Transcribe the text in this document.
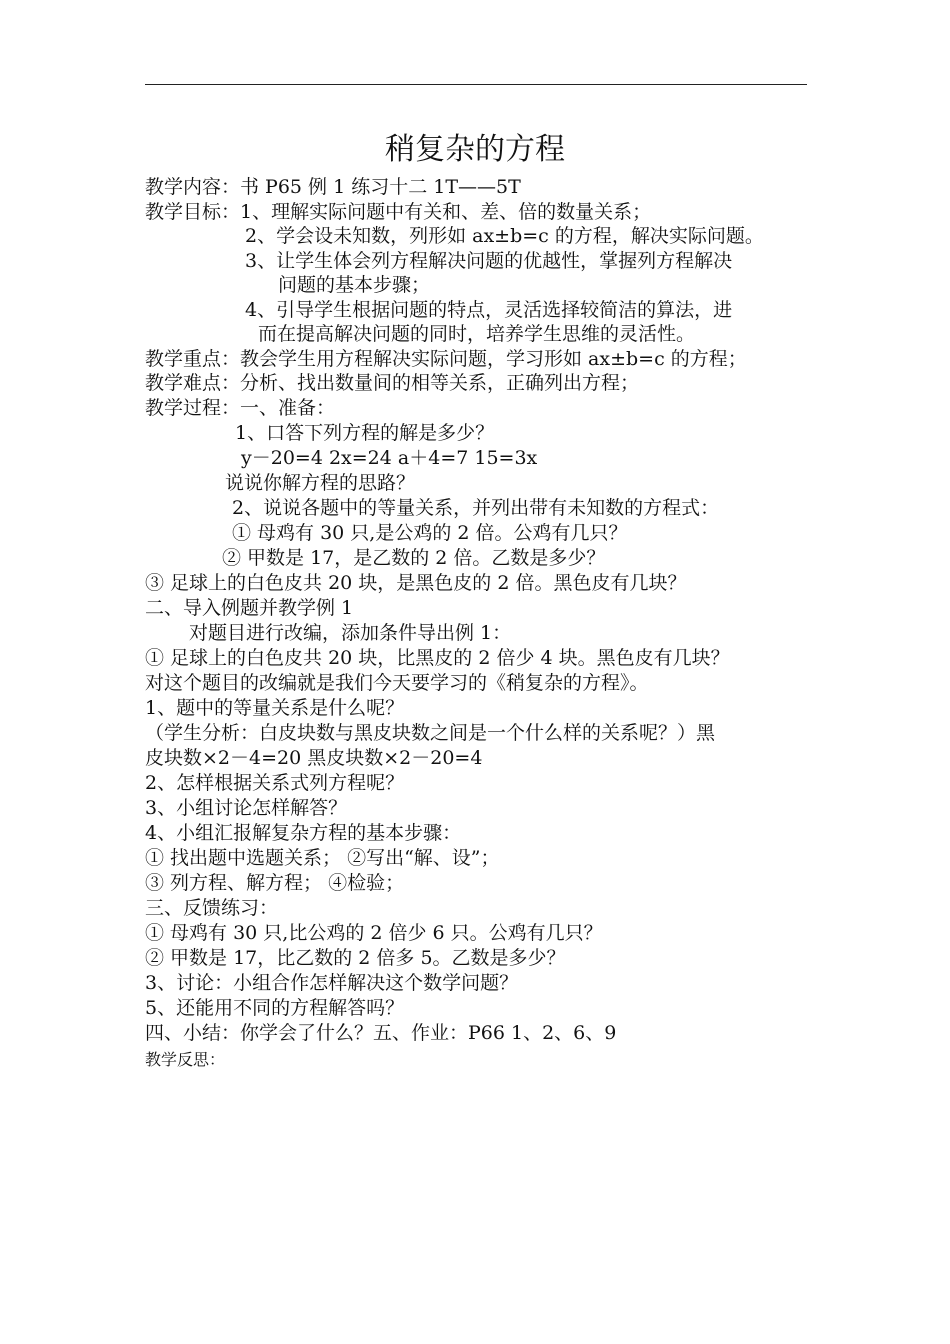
稍复杂的方程
教学内容：书 P65 例 1 练习十二 1T——5T
教学目标：1、理解实际问题中有关和、差、倍的数量关系；
2、学会设未知数，列形如 ax±b=c 的方程，解决实际问题。
3、让学生体会列方程解决问题的优越性，掌握列方程解决
问题的基本步骤；
4、引导学生根据问题的特点，灵活选择较简洁的算法，进
而在提高解决问题的同时，培养学生思维的灵活性。
教学重点：教会学生用方程解决实际问题，学习形如 ax±b=c 的方程；
教学难点：分析、找出数量间的相等关系，正确列出方程；
教学过程：一、准备：
1、口答下列方程的解是多少？
y－20=4 2x=24 a＋4=7 15=3x
说说你解方程的思路？
2、说说各题中的等量关系，并列出带有未知数的方程式：
① 母鸡有 30 只,是公鸡的 2 倍。公鸡有几只？
② 甲数是 17，是乙数的 2 倍。乙数是多少？
③ 足球上的白色皮共 20 块，是黑色皮的 2 倍。黑色皮有几块？
二、导入例题并教学例 1
对题目进行改编，添加条件导出例 1：
① 足球上的白色皮共 20 块，比黑皮的 2 倍少 4 块。黑色皮有几块？
对这个题目的改编就是我们今天要学习的《稍复杂的方程》。
1、题中的等量关系是什么呢？
（学生分析：白皮块数与黑皮块数之间是一个什么样的关系呢？）黑
皮块数×2－4=20 黑皮块数×2－20=4
2、怎样根据关系式列方程呢？
3、小组讨论怎样解答？
4、小组汇报解复杂方程的基本步骤：
① 找出题中选题关系； ②写出“解、设”；
③ 列方程、解方程； ④检验；
三、反馈练习：
① 母鸡有 30 只,比公鸡的 2 倍少 6 只。公鸡有几只？
② 甲数是 17，比乙数的 2 倍多 5。乙数是多少？
3、讨论：小组合作怎样解决这个数学问题？
5、还能用不同的方程解答吗？
四、小结：你学会了什么？五、作业：P66 1、2、6、9
教学反思：
